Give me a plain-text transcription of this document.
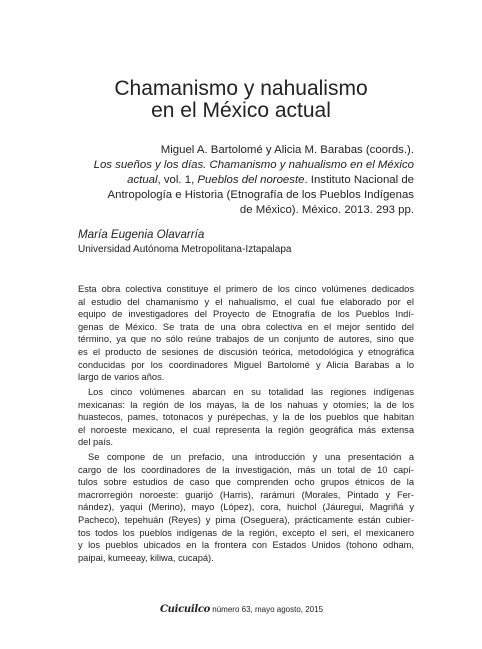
Chamanismo y nahualismo
en el México actual
Miguel A. Bartolomé y Alicia M. Barabas (coords.).
Los sueños y los días. Chamanismo y nahualismo en el México
actual, vol. 1, Pueblos del noroeste. Instituto Nacional de
Antropología e Historia (Etnografía de los Pueblos Indígenas
de México). México. 2013. 293 pp.
María Eugenia Olavarría
Universidad Autónoma Metropolitana-Iztapalapa
Esta obra colectiva constituye el primero de los cinco volúmenes dedicados
al estudio del chamanismo y el nahualismo, el cual fue elaborado por el
equipo de investigadores del Proyecto de Etnografía de los Pueblos Indí-
genas de México. Se trata de una obra colectiva en el mejor sentido del
término, ya que no sólo reúne trabajos de un conjunto de autores, sino que
es el producto de sesiones de discusión teórica, metodológica y etnográfica
conducidas por los coordinadores Miguel Bartolomé y Alicia Barabas a lo
largo de varios años.
Los cinco volúmenes abarcan en su totalidad las regiones indígenas
mexicanas: la región de los mayas, la de los nahuas y otomíes; la de los
huastecos, pames, totonacos y purépechas, y la de los pueblos que habitan
el noroeste mexicano, el cual representa la región geográfica más extensa
del país.
Se compone de un prefacio, una introducción y una presentación a
cargo de los coordinadores de la investigación, más un total de 10 capí-
tulos sobre estudios de caso que comprenden ocho grupos étnicos de la
macrorregión noroeste: guarijó (Harris), rarámuri (Morales, Pintado y Fer-
nández), yaqui (Merino), mayo (López), cora, huichol (Jáuregui, Magriñá y
Pacheco), tepehuán (Reyes) y pima (Oseguera), prácticamente están cubier-
tos todos los pueblos indígenas de la región, excepto el seri, el mexicanero
y los pueblos ubicados en la frontera con Estados Unidos (tohono odham,
paipai, kumeeay, kiliwa, cucapá).
Cuicuilco número 63, mayo agosto, 2015
